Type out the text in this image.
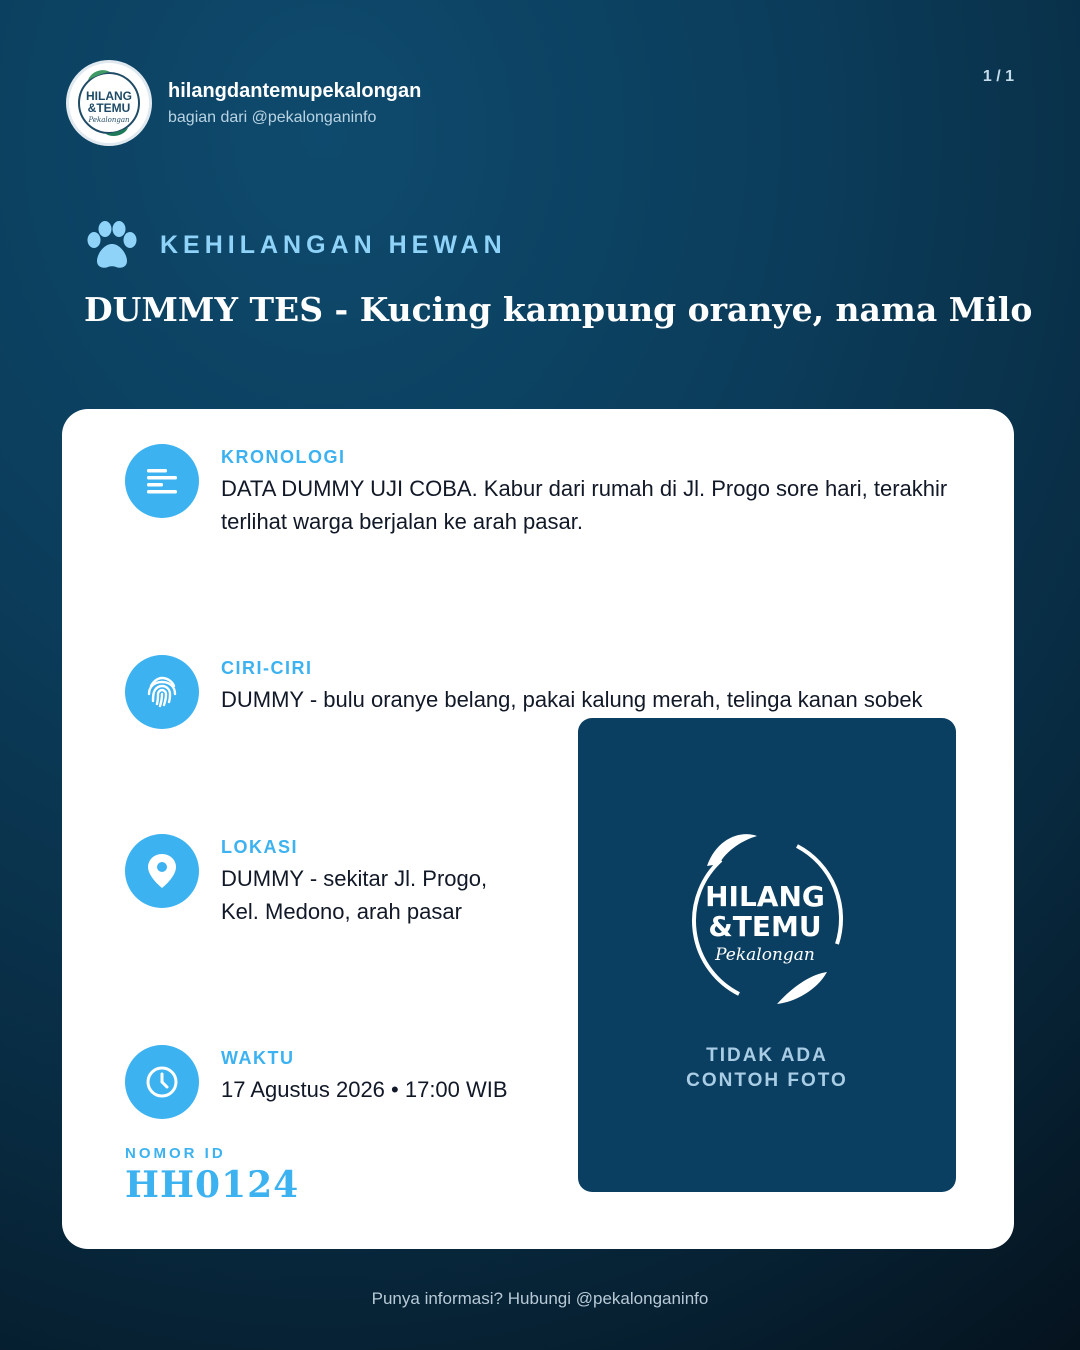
HILANG
&TEMU
Pekalongan
hilangdantemupekalongan
bagian dari @pekalonganinfo
1 / 1
KEHILANGAN HEWAN
DUMMY TES - Kucing kampung oranye, nama Milo
KRONOLOGI
DATA DUMMY UJI COBA. Kabur dari rumah di Jl. Progo sore hari, terakhir terlihat warga berjalan ke arah pasar.
CIRI-CIRI
DUMMY - bulu oranye belang, pakai kalung merah, telinga kanan sobek
LOKASI
DUMMY - sekitar Jl. Progo,
Kel. Medono, arah pasar
WAKTU
17 Agustus 2026 • 17:00 WIB
NOMOR ID
HH0124
HILANG
&TEMU
Pekalongan
TIDAK ADA
CONTOH FOTO
Punya informasi? Hubungi @pekalonganinfo
